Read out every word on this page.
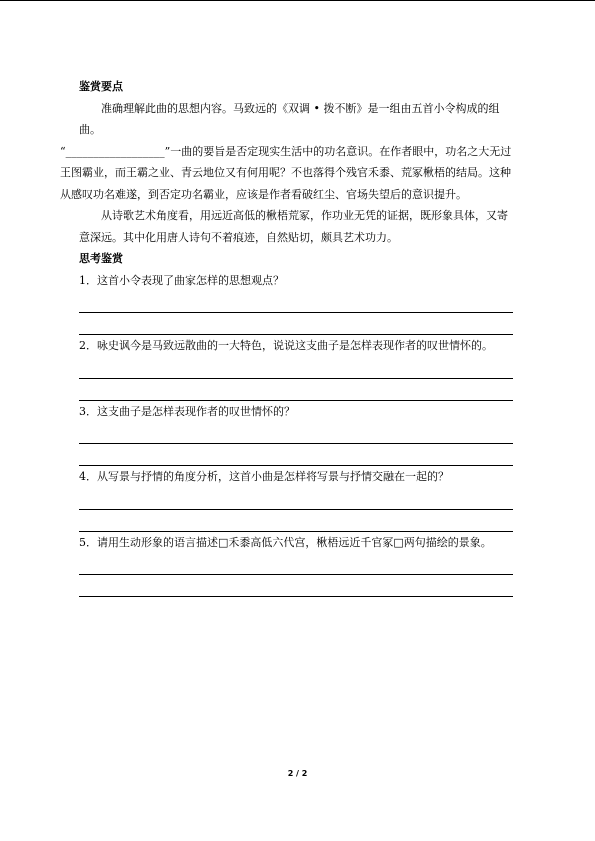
鉴赏要点

准确理解此曲的思想内容。马致远的《双调 • 拨不断》是一组由五首小令构成的组曲。

“__________________”一曲的要旨是否定现实生活中的功名意识。在作者眼中，功名之大无过王图霸业，而王霸之业、青云地位又有何用呢？不也落得个残官禾黍、荒冢楸梧的结局。这种从感叹功名难遂，到否定功名霸业，应该是作者看破红尘、官场失望后的意识提升。

从诗歌艺术角度看，用远近高低的楸梧荒冢，作功业无凭的证据，既形象具体，又寄意深远。其中化用唐人诗句不着痕迹，自然贴切，颇具艺术功力。

思考鉴赏

1．这首小令表现了曲家怎样的思想观点？

2．咏史讽今是马致远散曲的一大特色，说说这支曲子是怎样表现作者的叹世情怀的。

3．这支曲子是怎样表现作者的叹世情怀的？

4．从写景与抒情的角度分析，这首小曲是怎样将写景与抒情交融在一起的？

5．请用生动形象的语言描述□禾黍高低六代宫，楸梧远近千官冢□两句描绘的景象。

2 / 2
